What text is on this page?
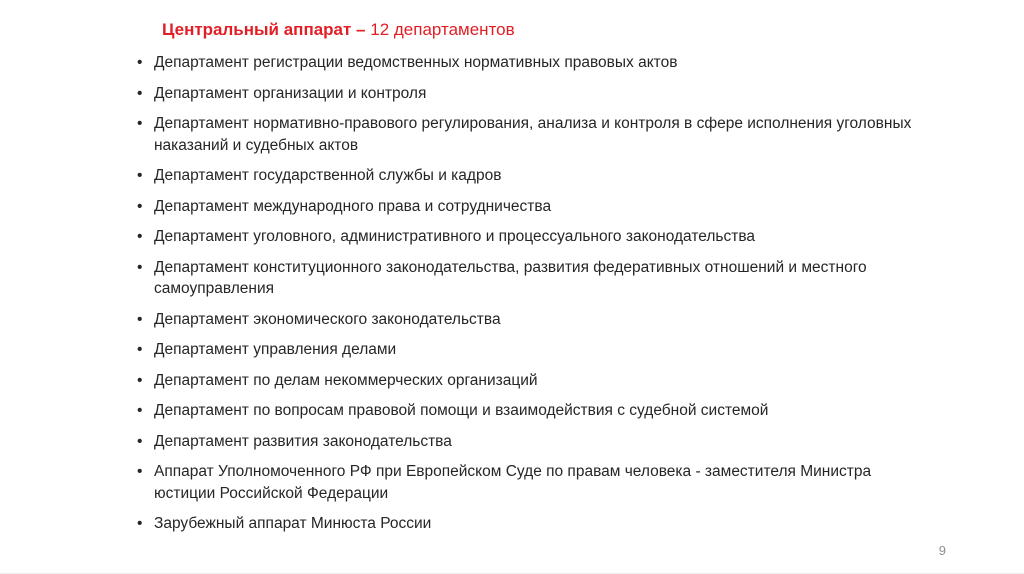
Центральный аппарат – 12 департаментов
• Департамент регистрации ведомственных нормативных правовых актов
• Департамент организации и контроля
• Департамент нормативно-правового регулирования, анализа и контроля в сфере исполнения уголовных наказаний и судебных актов
• Департамент государственной службы и кадров
• Департамент международного права и сотрудничества
• Департамент уголовного, административного и процессуального законодательства
• Департамент конституционного законодательства, развития федеративных отношений и местного самоуправления
• Департамент экономического законодательства
• Департамент управления делами
• Департамент по делам некоммерческих организаций
• Департамент по вопросам правовой помощи и взаимодействия с судебной системой
• Департамент развития законодательства
• Аппарат Уполномоченного РФ при Европейском Суде по правам человека - заместителя Министра юстиции Российской Федерации
• Зарубежный аппарат Минюста России
9
